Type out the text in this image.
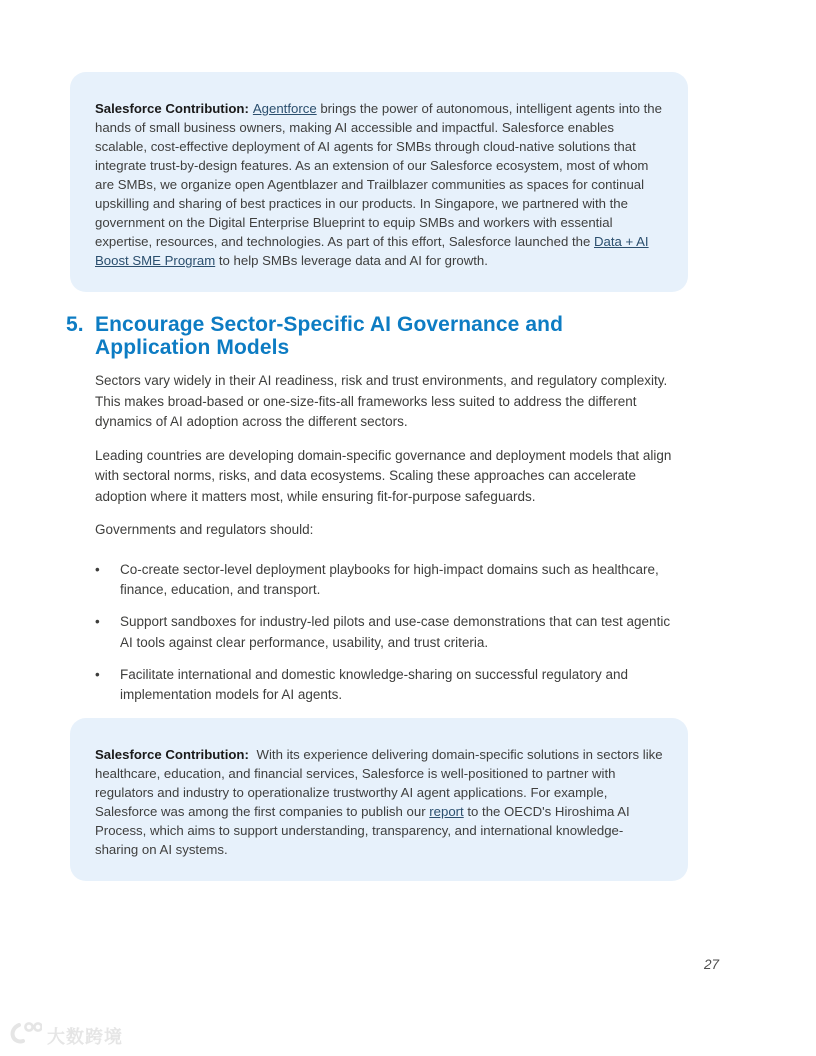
Salesforce Contribution: Agentforce brings the power of autonomous, intelligent agents into the hands of small business owners, making AI accessible and impactful. Salesforce enables scalable, cost-effective deployment of AI agents for SMBs through cloud-native solutions that integrate trust-by-design features. As an extension of our Salesforce ecosystem, most of whom are SMBs, we organize open Agentblazer and Trailblazer communities as spaces for continual upskilling and sharing of best practices in our products. In Singapore, we partnered with the government on the Digital Enterprise Blueprint to equip SMBs and workers with essential expertise, resources, and technologies. As part of this effort, Salesforce launched the Data + AI Boost SME Program to help SMBs leverage data and AI for growth.
5. Encourage Sector-Specific AI Governance and Application Models

Sectors vary widely in their AI readiness, risk and trust environments, and regulatory complexity. This makes broad-based or one-size-fits-all frameworks less suited to address the different dynamics of AI adoption across the different sectors.

Leading countries are developing domain-specific governance and deployment models that align with sectoral norms, risks, and data ecosystems. Scaling these approaches can accelerate adoption where it matters most, while ensuring fit-for-purpose safeguards.

Governments and regulators should:

•	Co-create sector-level deployment playbooks for high-impact domains such as healthcare, finance, education, and transport.
•	Support sandboxes for industry-led pilots and use-case demonstrations that can test agentic AI tools against clear performance, usability, and trust criteria.
•	Facilitate international and domestic knowledge-sharing on successful regulatory and implementation models for AI agents.
Salesforce Contribution: With its experience delivering domain-specific solutions in sectors like healthcare, education, and financial services, Salesforce is well-positioned to partner with regulators and industry to operationalize trustworthy AI agent applications. For example, Salesforce was among the first companies to publish our report to the OECD's Hiroshima AI Process, which aims to support understanding, transparency, and international knowledge-sharing on AI systems.
27
大数跨境
